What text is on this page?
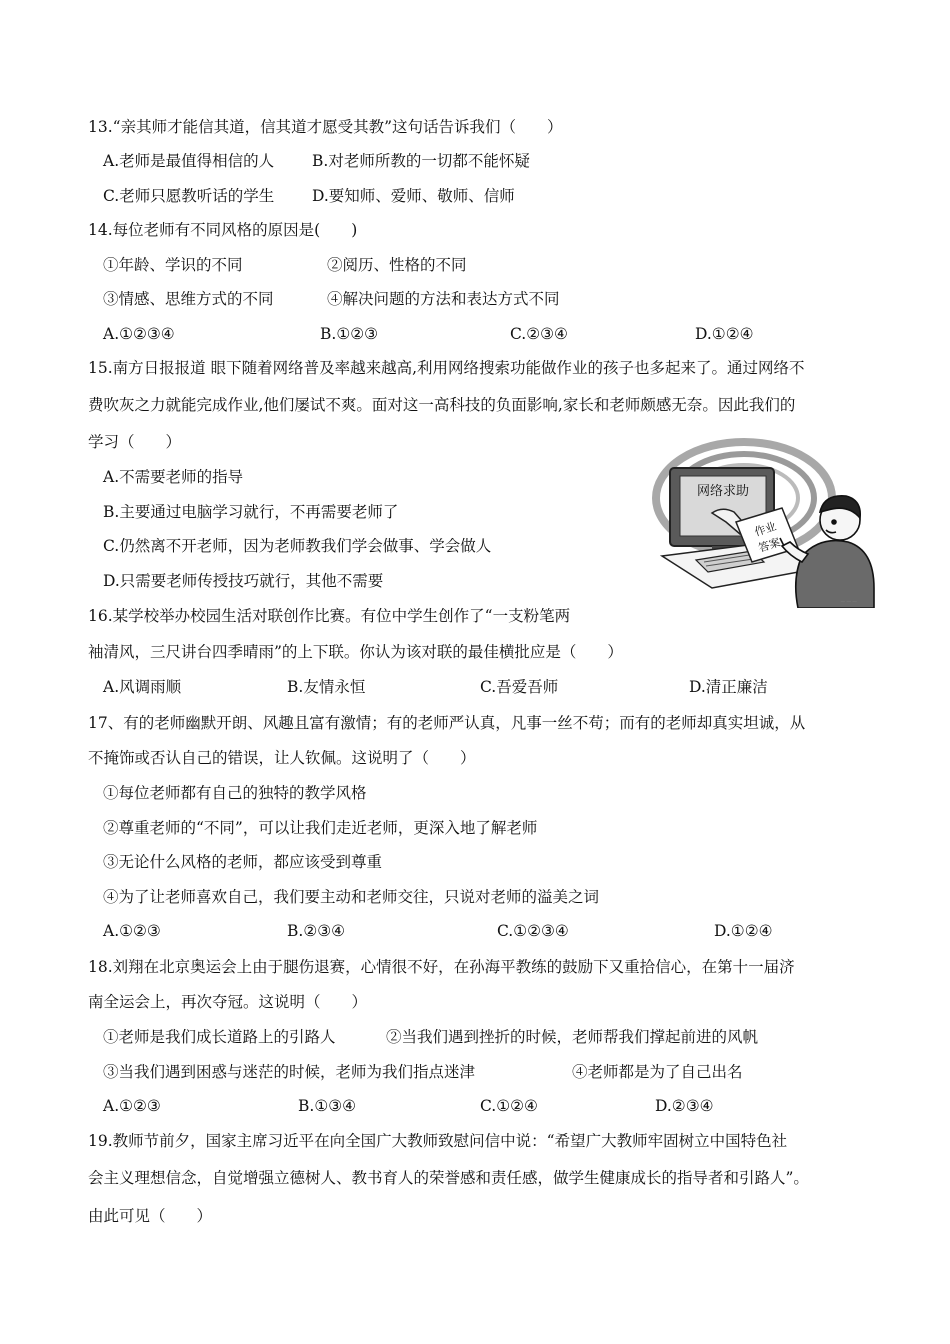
13.“亲其师才能信其道，信其道才愿受其教”这句话告诉我们（　　）
A.老师是最值得相信的人 B.对老师所教的一切都不能怀疑
C.老师只愿教听话的学生 D.要知师、爱师、敬师、信师
14.每位老师有不同风格的原因是(　　)
①年龄、学识的不同	②阅历、性格的不同
③情感、思维方式的不同	④解决问题的方法和表达方式不同
A.①②③④	B.①②③	C.②③④	D.①②④
15.南方日报报道 眼下随着网络普及率越来越高,利用网络搜索功能做作业的孩子也多起来了。通过网络不
费吹灰之力就能完成作业,他们屡试不爽。面对这一高科技的负面影响,家长和老师颇感无奈。因此我们的
学习（　　）
A.不需要老师的指导
B.主要通过电脑学习就行，不再需要老师了
C.仍然离不开老师，因为老师教我们学会做事、学会做人
D.只需要老师传授技巧就行，其他不需要
网络求助
作业
答案
~~~
16.某学校举办校园生活对联创作比赛。有位中学生创作了“一支粉笔两
袖清风，三尺讲台四季晴雨”的上下联。你认为该对联的最佳横批应是（　　）
A.风调雨顺	B.友情永恒	C.吾爱吾师	D.清正廉洁
17、有的老师幽默开朗、风趣且富有激情；有的老师严认真，凡事一丝不苟；而有的老师却真实坦诚，从
不掩饰或否认自己的错误，让人钦佩。这说明了（　　）
①每位老师都有自己的独特的教学风格
②尊重老师的“不同”，可以让我们走近老师，更深入地了解老师
③无论什么风格的老师，都应该受到尊重
④为了让老师喜欢自己，我们要主动和老师交往，只说对老师的溢美之词
A.①②③	B.②③④	C.①②③④	D.①②④
18.刘翔在北京奥运会上由于腿伤退赛，心情很不好，在孙海平教练的鼓励下又重拾信心，在第十一届济
南全运会上，再次夺冠。这说明（　　）
①老师是我们成长道路上的引路人	②当我们遇到挫折的时候，老师帮我们撑起前进的风帆
③当我们遇到困惑与迷茫的时候，老师为我们指点迷津	④老师都是为了自己出名
A.①②③	B.①③④	C.①②④	D.②③④
19.教师节前夕，国家主席习近平在向全国广大教师致慰问信中说：“希望广大教师牢固树立中国特色社
会主义理想信念，自觉增强立德树人、教书育人的荣誉感和责任感，做学生健康成长的指导者和引路人”。
由此可见（　　）
